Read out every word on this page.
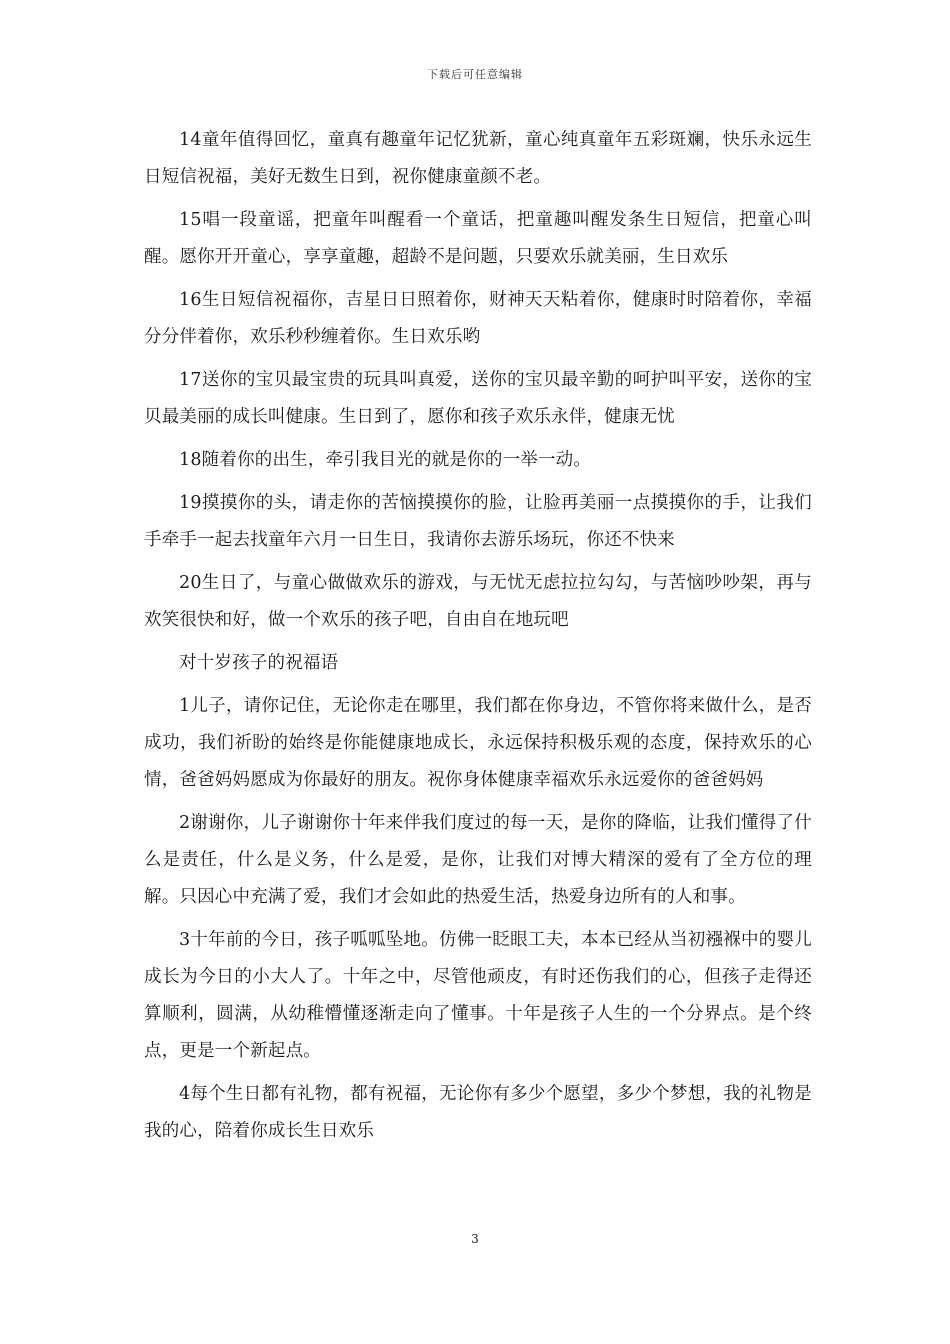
下载后可任意编辑

14童年值得回忆，童真有趣童年记忆犹新，童心纯真童年五彩斑斓，快乐永远生日短信祝福，美好无数生日到，祝你健康童颜不老。

15唱一段童谣，把童年叫醒看一个童话，把童趣叫醒发条生日短信，把童心叫醒。愿你开开童心，享享童趣，超龄不是问题，只要欢乐就美丽，生日欢乐

16生日短信祝福你，吉星日日照着你，财神天天粘着你，健康时时陪着你，幸福分分伴着你，欢乐秒秒缠着你。生日欢乐哟

17送你的宝贝最宝贵的玩具叫真爱，送你的宝贝最辛勤的呵护叫平安，送你的宝贝最美丽的成长叫健康。生日到了，愿你和孩子欢乐永伴，健康无忧

18随着你的出生，牵引我目光的就是你的一举一动。

19摸摸你的头，请走你的苦恼摸摸你的脸，让脸再美丽一点摸摸你的手，让我们手牵手一起去找童年六月一日生日，我请你去游乐场玩，你还不快来

20生日了，与童心做做欢乐的游戏，与无忧无虑拉拉勾勾，与苦恼吵吵架，再与欢笑很快和好，做一个欢乐的孩子吧，自由自在地玩吧

对十岁孩子的祝福语

1儿子，请你记住，无论你走在哪里，我们都在你身边，不管你将来做什么，是否成功，我们祈盼的始终是你能健康地成长，永远保持积极乐观的态度，保持欢乐的心情，爸爸妈妈愿成为你最好的朋友。祝你身体健康幸福欢乐永远爱你的爸爸妈妈

2谢谢你，儿子谢谢你十年来伴我们度过的每一天，是你的降临，让我们懂得了什么是责任，什么是义务，什么是爱，是你，让我们对博大精深的爱有了全方位的理解。只因心中充满了爱，我们才会如此的热爱生活，热爱身边所有的人和事。

3十年前的今日，孩子呱呱坠地。仿佛一眨眼工夫，本本已经从当初襁褓中的婴儿成长为今日的小大人了。十年之中，尽管他顽皮，有时还伤我们的心，但孩子走得还算顺利，圆满，从幼稚懵懂逐渐走向了懂事。十年是孩子人生的一个分界点。是个终点，更是一个新起点。

4每个生日都有礼物，都有祝福，无论你有多少个愿望，多少个梦想，我的礼物是我的心，陪着你成长生日欢乐

3
